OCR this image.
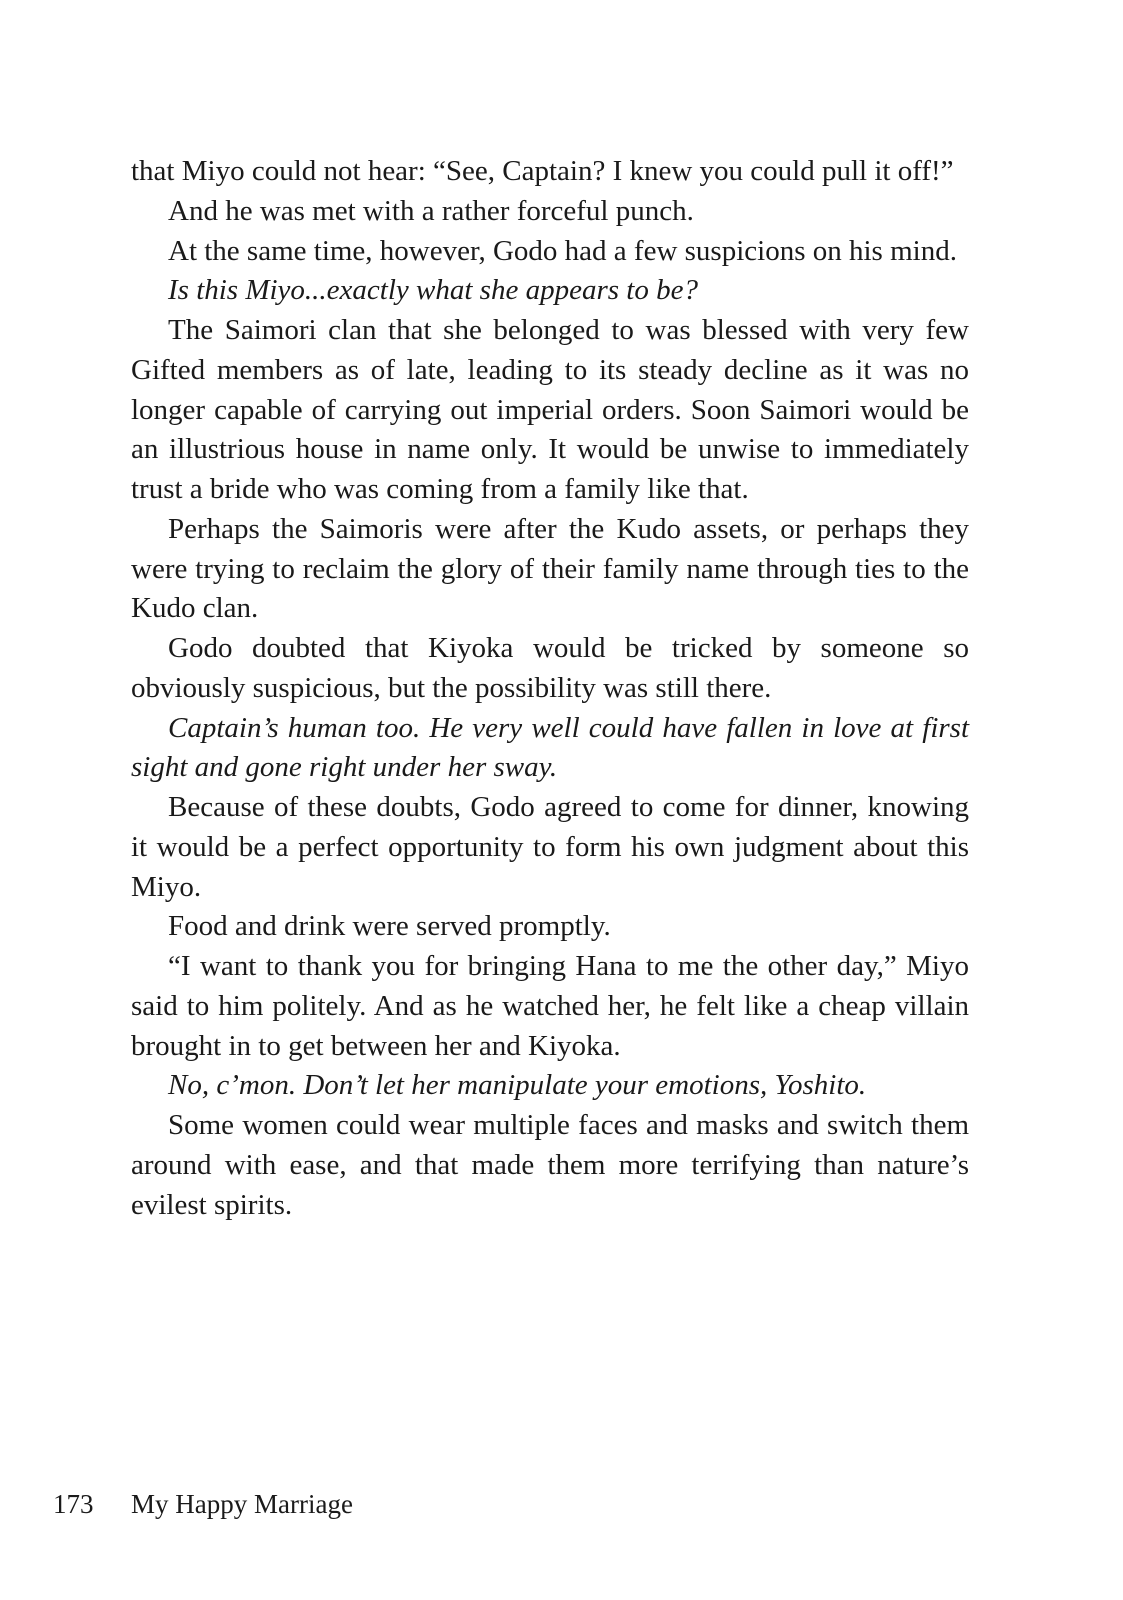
that Miyo could not hear: “See, Captain? I knew you could pull it off!”

And he was met with a rather forceful punch.

At the same time, however, Godo had a few suspicions on his mind.

Is this Miyo...exactly what she appears to be?

The Saimori clan that she belonged to was blessed with very few Gifted members as of late, leading to its steady decline as it was no longer capable of carrying out imperial orders. Soon Saimori would be an illustrious house in name only. It would be unwise to immediately trust a bride who was coming from a family like that.

Perhaps the Saimoris were after the Kudo assets, or perhaps they were trying to reclaim the glory of their family name through ties to the Kudo clan.

Godo doubted that Kiyoka would be tricked by someone so obviously suspicious, but the possibility was still there.

Captain’s human too. He very well could have fallen in love at first sight and gone right under her sway.

Because of these doubts, Godo agreed to come for dinner, knowing it would be a perfect opportunity to form his own judgment about this Miyo.

Food and drink were served promptly.

“I want to thank you for bringing Hana to me the other day,” Miyo said to him politely. And as he watched her, he felt like a cheap villain brought in to get between her and Kiyoka.

No, c’mon. Don’t let her manipulate your emotions, Yoshito.

Some women could wear multiple faces and masks and switch them around with ease, and that made them more terrifying than nature’s evilest spirits.

173 My Happy Marriage
